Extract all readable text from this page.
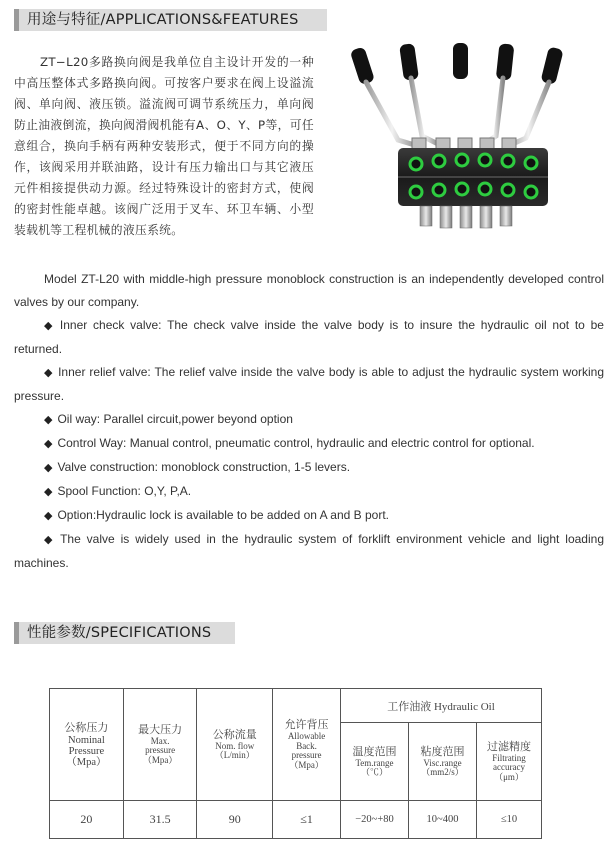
用途与特征/APPLICATIONS&FEATURES
ZT−L20多路换向阀是我单位自主设计开发的一种中高压整体式多路换向阀。可按客户要求在阀上设溢流阀、单向阀、液压锁。溢流阀可调节系统压力，单向阀防止油液倒流，换向阀滑阀机能有A、O、Y、P等，可任意组合，换向手柄有两种安装形式，便于不同方向的操作，该阀采用并联油路，设计有压力输出口与其它液压元件相接提供动力源。经过特殊设计的密封方式，使阀的密封性能卓越。该阀广泛用于叉车、环卫车辆、小型装载机等工程机械的液压系统。

Model ZT-L20 with middle-high pressure monoblock construction is an independently developed control valves by our company.

◆ Inner check valve: The check valve inside the valve body is to insure the hydraulic oil not to be returned.

◆ Inner relief valve: The relief valve inside the valve body is able to adjust the hydraulic system working pressure.

◆ Oil way: Parallel circuit,power beyond option

◆ Control Way: Manual control, pneumatic control, hydraulic and electric control for optional.

◆ Valve construction: monoblock construction, 1-5 levers.

◆ Spool Function: O,Y, P,A.

◆ Option:Hydraulic lock is available to be added on A and B port.

◆ The valve is widely used in the hydraulic system of forklift environment vehicle and light loading machines.

性能参数/SPECIFICATIONS
公称压力
Nominal
Pressure
（Mpa）	最大压力
Max.
pressure
（Mpa）	公称流量
Nom. flow
（L/min）	允许背压
Allowable
Back.
pressure
（Mpa）	工作油液 Hydraulic Oil		

				温度范围
Tem.range
（℃）	粘度范围
Visc.range
（mm2/s）	过滤精度
Filtrating
accuracy
（μm）

20	31.5	90	≤1	−20~+80	10~400	≤10
